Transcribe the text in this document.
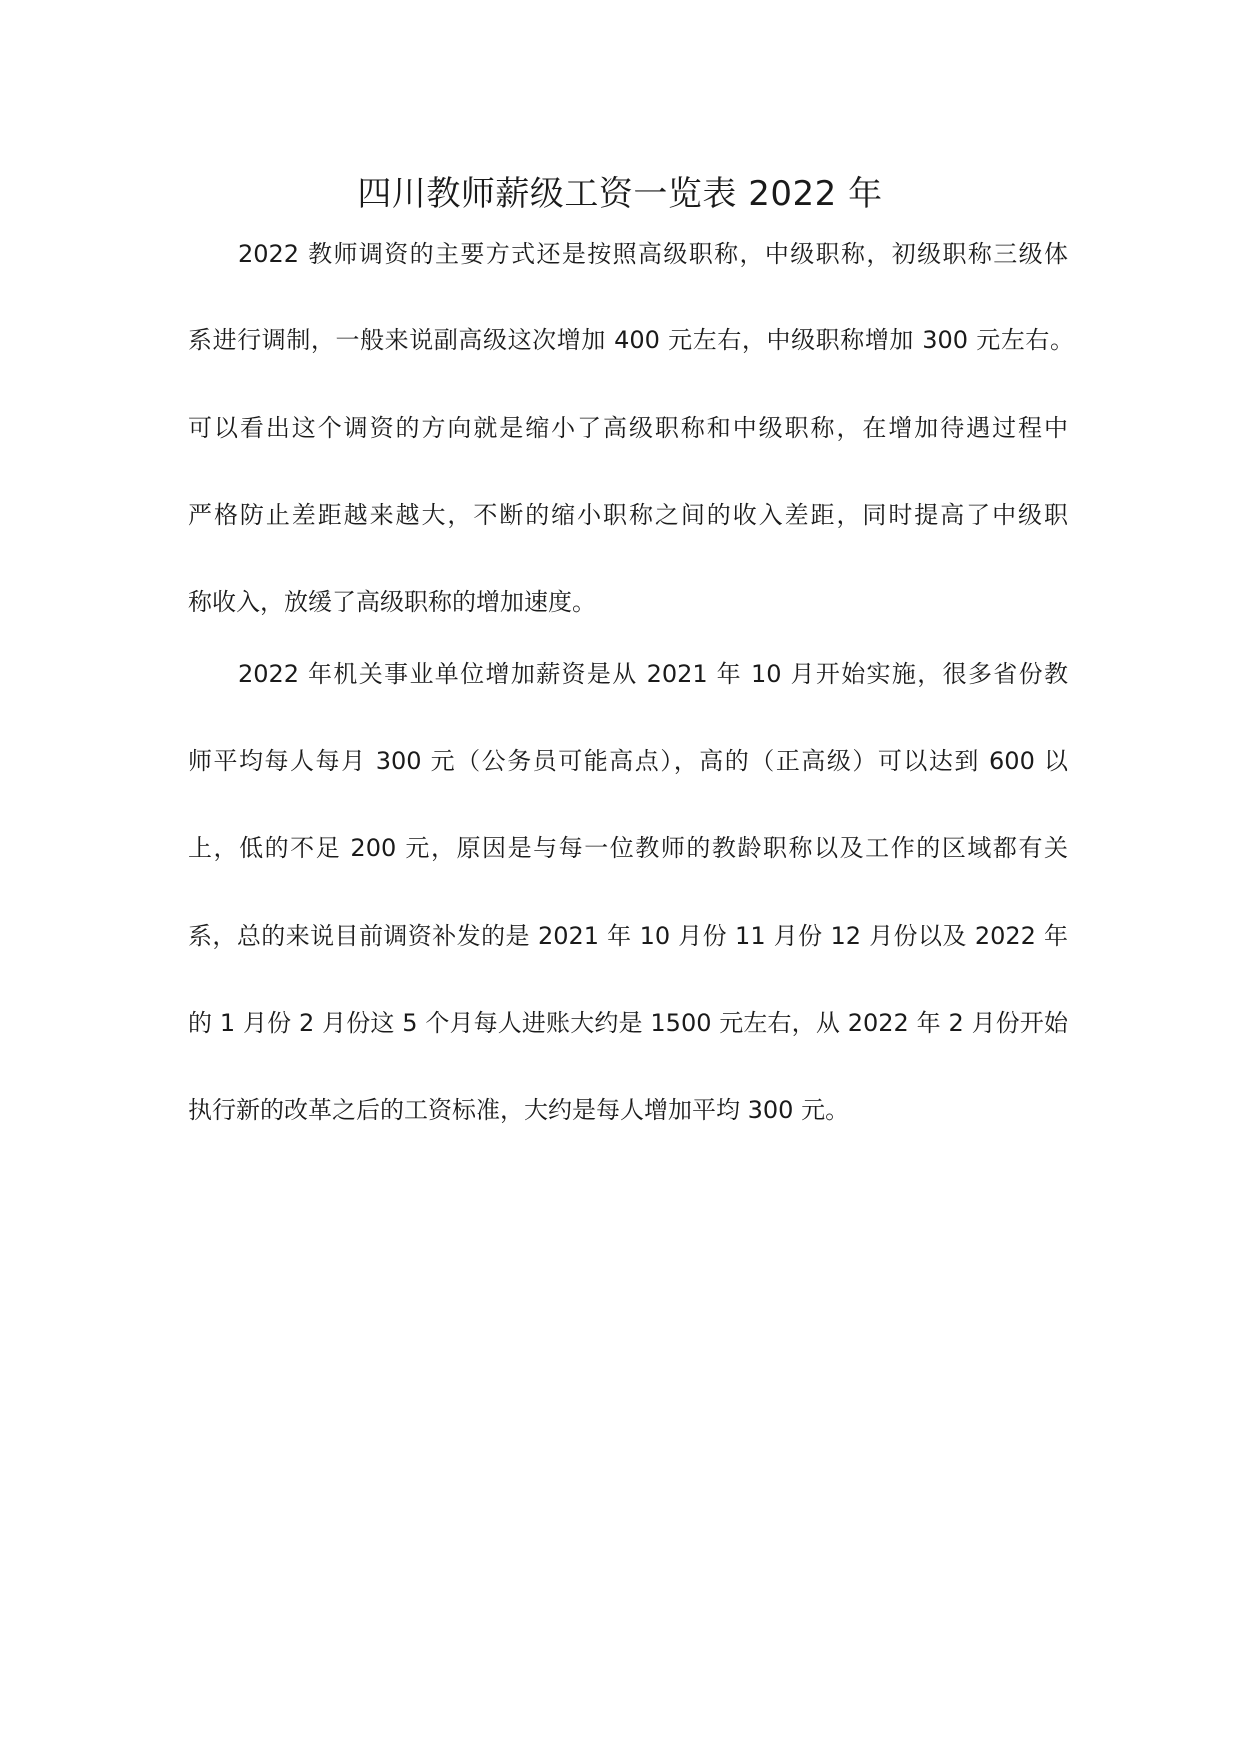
四川教师薪级工资一览表 2022 年

2022 教师调资的主要方式还是按照高级职称，中级职称，初级职称三级体

系进行调制，一般来说副高级这次增加 400 元左右，中级职称增加 300 元左右。

可以看出这个调资的方向就是缩小了高级职称和中级职称，在增加待遇过程中

严格防止差距越来越大，不断的缩小职称之间的收入差距，同时提高了中级职

称收入，放缓了高级职称的增加速度。

2022 年机关事业单位增加薪资是从 2021 年 10 月开始实施，很多省份教

师平均每人每月 300 元（公务员可能高点），高的（正高级）可以达到 600 以

上，低的不足 200 元，原因是与每一位教师的教龄职称以及工作的区域都有关

系，总的来说目前调资补发的是 2021 年 10 月份 11 月份 12 月份以及 2022 年

的 1 月份 2 月份这 5 个月每人进账大约是 1500 元左右，从 2022 年 2 月份开始

执行新的改革之后的工资标准，大约是每人增加平均 300 元。
